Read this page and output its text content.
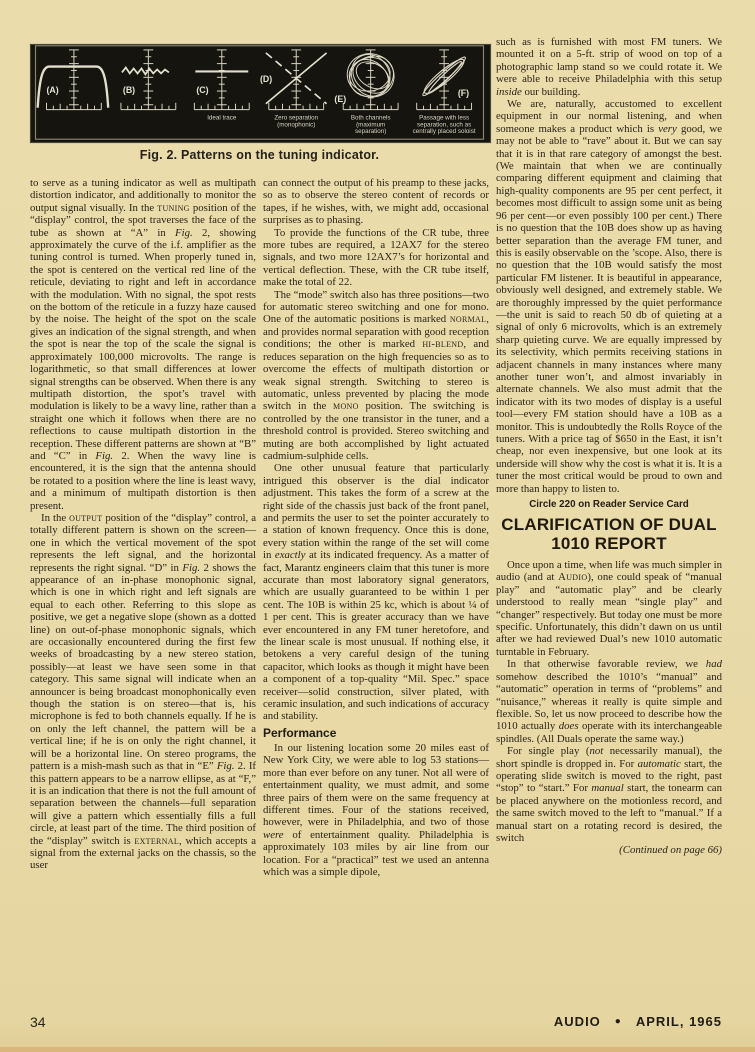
(A)	(B)	(C)
Ideal trace
(D)
Zero separation (monophonic)
(E)
Both channels (maximum separation)
(F)
Passage with less separation, such as centrally placed soloist
Fig. 2. Patterns on the tuning indicator.

to serve as a tuning indicator as well as multipath distortion indicator, and additionally to monitor the output signal visually. In the tuning position of the “display” control, the spot traverses the face of the tube as shown at “A” in Fig. 2, showing approximately the curve of the i.f. amplifier as the tuning control is turned. When properly tuned in, the spot is centered on the vertical red line of the reticule, deviating to right and left in accordance with the modulation. With no signal, the spot rests on the bottom of the reticule in a fuzzy haze caused by the noise. The height of the spot on the scale gives an indication of the signal strength, and when the spot is near the top of the scale the signal is approximately 100,000 microvolts. The range is logarithmetic, so that small differences at lower signal strengths can be observed. When there is any multipath distortion, the spot’s travel with modulation is likely to be a wavy line, rather than a straight one which it follows when there are no reflections to cause multipath distortion in the reception. These different patterns are shown at “B” and “C” in Fig. 2. When the wavy line is encountered, it is the sign that the antenna should be rotated to a position where the line is least wavy, and a minimum of multipath distortion is then present.

In the output position of the “display” control, a totally different pattern is shown on the screen—one in which the vertical movement of the spot represents the left signal, and the horizontal represents the right signal. “D” in Fig. 2 shows the appearance of an in-phase monophonic signal, which is one in which right and left signals are equal to each other. Referring to this slope as positive, we get a negative slope (shown as a dotted line) on out-of-phase monophonic signals, which are occasionally encountered during the first few weeks of broadcasting by a new stereo station, possibly—at least we have seen some in that category. This same signal will indicate when an announcer is being broadcast monophonically even though the station is on stereo—that is, his microphone is fed to both channels equally. If he is on only the left channel, the pattern will be a vertical line; if he is on only the right channel, it will be a horizontal line. On stereo programs, the pattern is a mish-mash such as that in “E” Fig. 2. If this pattern appears to be a narrow ellipse, as at “F,” it is an indication that there is not the full amount of separation between the channels—full separation will give a pattern which essentially fills a full circle, at least part of the time. The third position of the “display” switch is external, which accepts a signal from the external jacks on the chassis, so the user

can connect the output of his preamp to these jacks, so as to observe the stereo content of records or tapes, if he wishes, with, we might add, occasional surprises as to phasing.

To provide the functions of the CR tube, three more tubes are required, a 12AX7 for the stereo signals, and two more 12AX7’s for horizontal and vertical deflection. These, with the CR tube itself, make the total of 22.

The “mode” switch also has three positions—two for automatic stereo switching and one for mono. One of the automatic positions is marked normal, and provides normal separation with good reception conditions; the other is marked hi-blend, and reduces separation on the high frequencies so as to overcome the effects of multipath distortion or weak signal strength. Switching to stereo is automatic, unless prevented by placing the mode switch in the mono position. The switching is controlled by the one transistor in the tuner, and a threshold control is provided. Stereo switching and muting are both accomplished by light actuated cadmium-sulphide cells.

One other unusual feature that particularly intrigued this observer is the dial indicator adjustment. This takes the form of a screw at the right side of the chassis just back of the front panel, and permits the user to set the pointer accurately to a station of known frequency. Once this is done, every station within the range of the set will come in exactly at its indicated frequency. As a matter of fact, Marantz engineers claim that this tuner is more accurate than most laboratory signal generators, which are usually guaranteed to be within 1 per cent. The 10B is within 25 kc, which is about ¼ of 1 per cent. This is greater accuracy than we have ever encountered in any FM tuner heretofore, and the linear scale is most unusual. If nothing else, it betokens a very careful design of the tuning capacitor, which looks as though it might have been a component of a top-quality “Mil. Spec.” space receiver—solid construction, silver plated, with ceramic insulation, and such indications of accuracy and stability.

Performance

In our listening location some 20 miles east of New York City, we were able to log 53 stations—more than ever before on any tuner. Not all were of entertainment quality, we must admit, and some three pairs of them were on the same frequency at different times. Four of the stations received, however, were in Philadelphia, and two of those were of entertainment quality. Philadelphia is approximately 103 miles by air line from our location. For a “practical” test we used an antenna which was a simple dipole,

such as is furnished with most FM tuners. We mounted it on a 5-ft. strip of wood on top of a photographic lamp stand so we could rotate it. We were able to receive Philadelphia with this setup inside our building.

We are, naturally, accustomed to excellent equipment in our normal listening, and when someone makes a product which is very good, we may not be able to “rave” about it. But we can say that it is in that rare category of amongst the best. (We maintain that when we are continually comparing different equipment and claiming that high-quality components are 95 per cent perfect, it becomes most difficult to assign some unit as being 96 per cent—or even possibly 100 per cent.) There is no question that the 10B does show up as having better separation than the average FM tuner, and this is easily observable on the ’scope. Also, there is no question that the 10B would satisfy the most particular FM listener. It is beautiful in appearance, obviously well designed, and extremely stable. We are thoroughly impressed by the quiet performance—the unit is said to reach 50 db of quieting at a signal of only 6 microvolts, which is an extremely sharp quieting curve. We are equally impressed by its selectivity, which permits receiving stations in adjacent channels in many instances where many another tuner won’t, and almost invariably in alternate channels. We also must admit that the indicator with its two modes of display is a useful tool—every FM station should have a 10B as a monitor. This is undoubtedly the Rolls Royce of the tuners. With a price tag of $650 in the East, it isn’t cheap, nor even inexpensive, but one look at its underside will show why the cost is what it is. It is a tuner the most critical would be proud to own and more than happy to listen to.

Circle 220 on Reader Service Card
CLARIFICATION OF DUAL 1010 REPORT

Once upon a time, when life was much simpler in audio (and at Audio), one could speak of “manual play” and “automatic play” and be clearly understood to really mean “single play” and “changer” respectively. But today one must be more specific. Unfortunately, this didn’t dawn on us until after we had reviewed Dual’s new 1010 automatic turntable in February.

In that otherwise favorable review, we had somehow described the 1010’s “manual” and “automatic” operation in terms of “problems” and “nuisance,” whereas it really is quite simple and flexible. So, let us now proceed to describe how the 1010 actually does operate with its interchangeable spindles. (All Duals operate the same way.)

For single play (not necessarily manual), the short spindle is dropped in. For automatic start, the operating slide switch is moved to the right, past “stop” to “start.” For manual start, the tonearm can be placed anywhere on the motionless record, and the same switch moved to the left to “manual.” If a manual start on a rotating record is desired, the switch

(Continued on page 66)
34	AUDIO ● APRIL, 1965
